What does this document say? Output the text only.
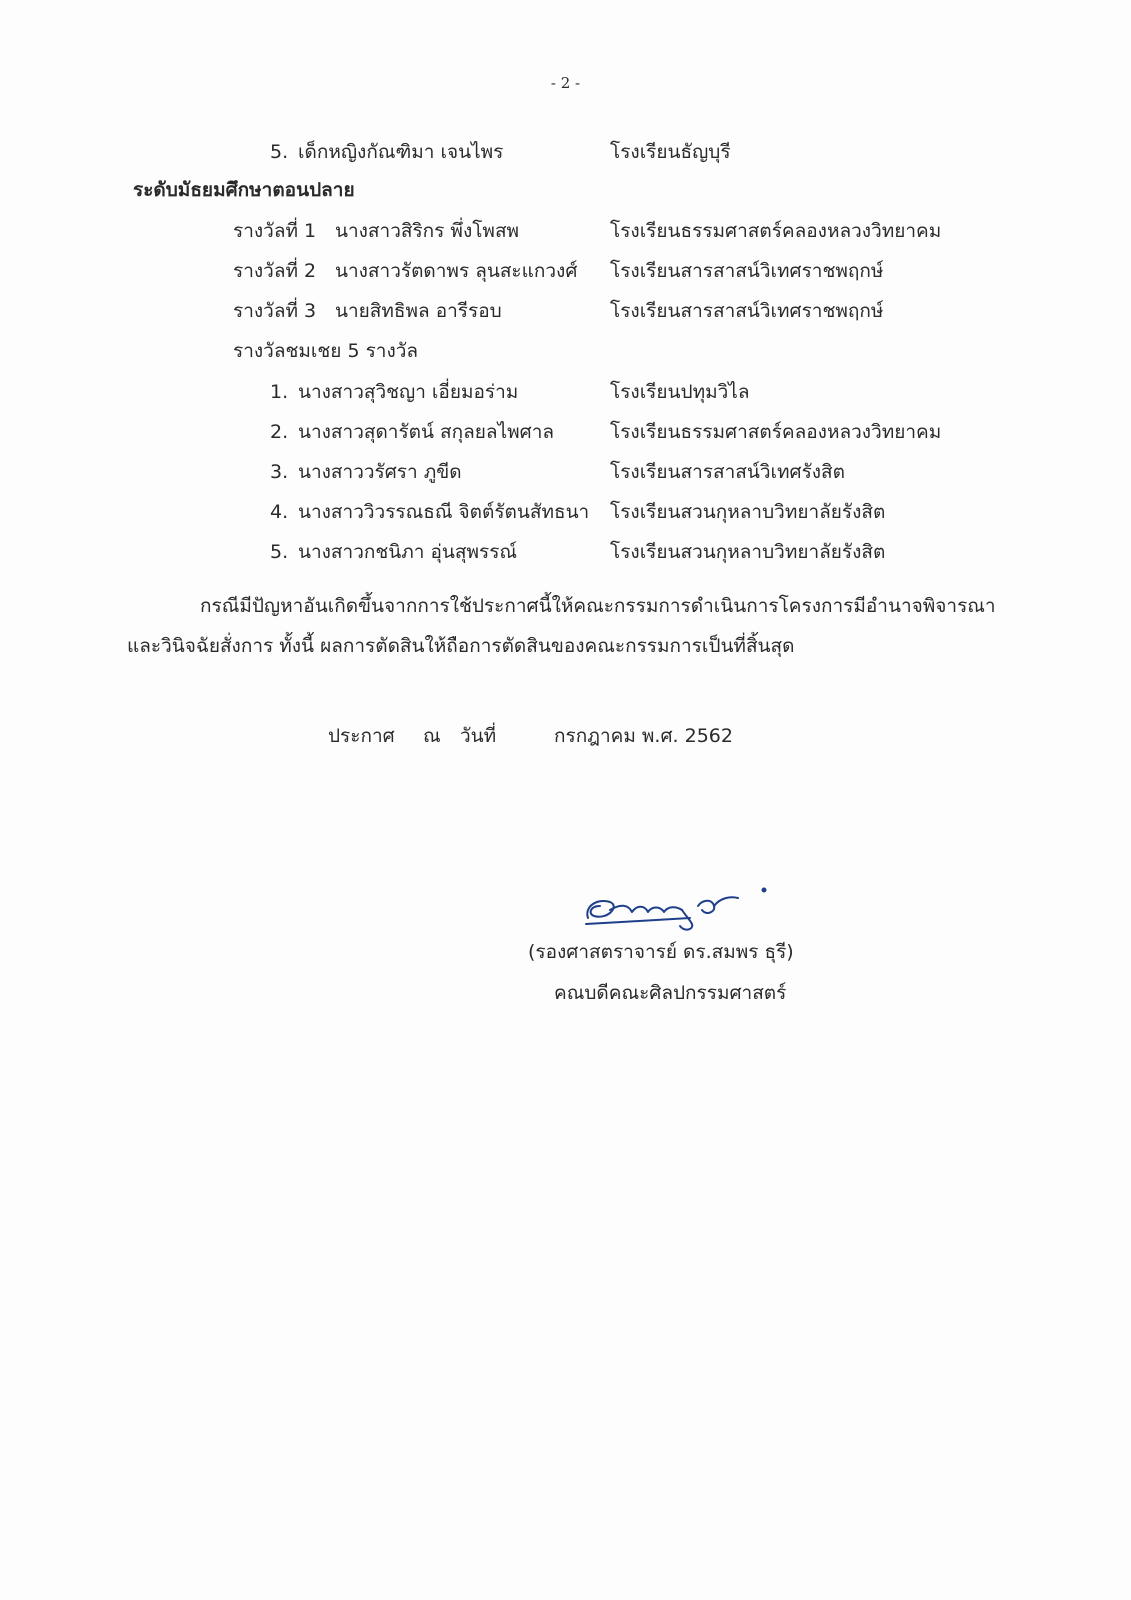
- 2 -
5. เด็กหญิงกัณฑิมา เจนไพร	โรงเรียนธัญบุรี
ระดับมัธยมศึกษาตอนปลาย
รางวัลที่ 1 นางสาวสิริกร พึ่งโพสพ	โรงเรียนธรรมศาสตร์คลองหลวงวิทยาคม
รางวัลที่ 2 นางสาวรัตดาพร ลุนสะแกวงศ์ โรงเรียนสารสาสน์วิเทศราชพฤกษ์
รางวัลที่ 3 นายสิทธิพล อารีรอบ	โรงเรียนสารสาสน์วิเทศราชพฤกษ์
รางวัลชมเชย 5 รางวัล
1. นางสาวสุวิชญา เอี่ยมอร่าม	โรงเรียนปทุมวิไล
2. นางสาวสุดารัตน์ สกุลยลไพศาล	โรงเรียนธรรมศาสตร์คลองหลวงวิทยาคม
3. นางสาววรัศรา ภูขีด	โรงเรียนสารสาสน์วิเทศรังสิต
4. นางสาววิวรรณธณี จิตต์รัตนสัทธนา โรงเรียนสวนกุหลาบวิทยาลัยรังสิต
5. นางสาวกชนิภา อุ่นสุพรรณ์	โรงเรียนสวนกุหลาบวิทยาลัยรังสิต
กรณีมีปัญหาอันเกิดขึ้นจากการใช้ประกาศนี้ให้คณะกรรมการดำเนินการโครงการมีอำนาจพิจารณา
และวินิจฉัยสั่งการ ทั้งนี้ ผลการตัดสินให้ถือการตัดสินของคณะกรรมการเป็นที่สิ้นสุด
ประกาศ ณ วันที่	กรกฎาคม พ.ศ. 2562
(รองศาสตราจารย์ ดร.สมพร ธุรี)
คณบดีคณะศิลปกรรมศาสตร์
